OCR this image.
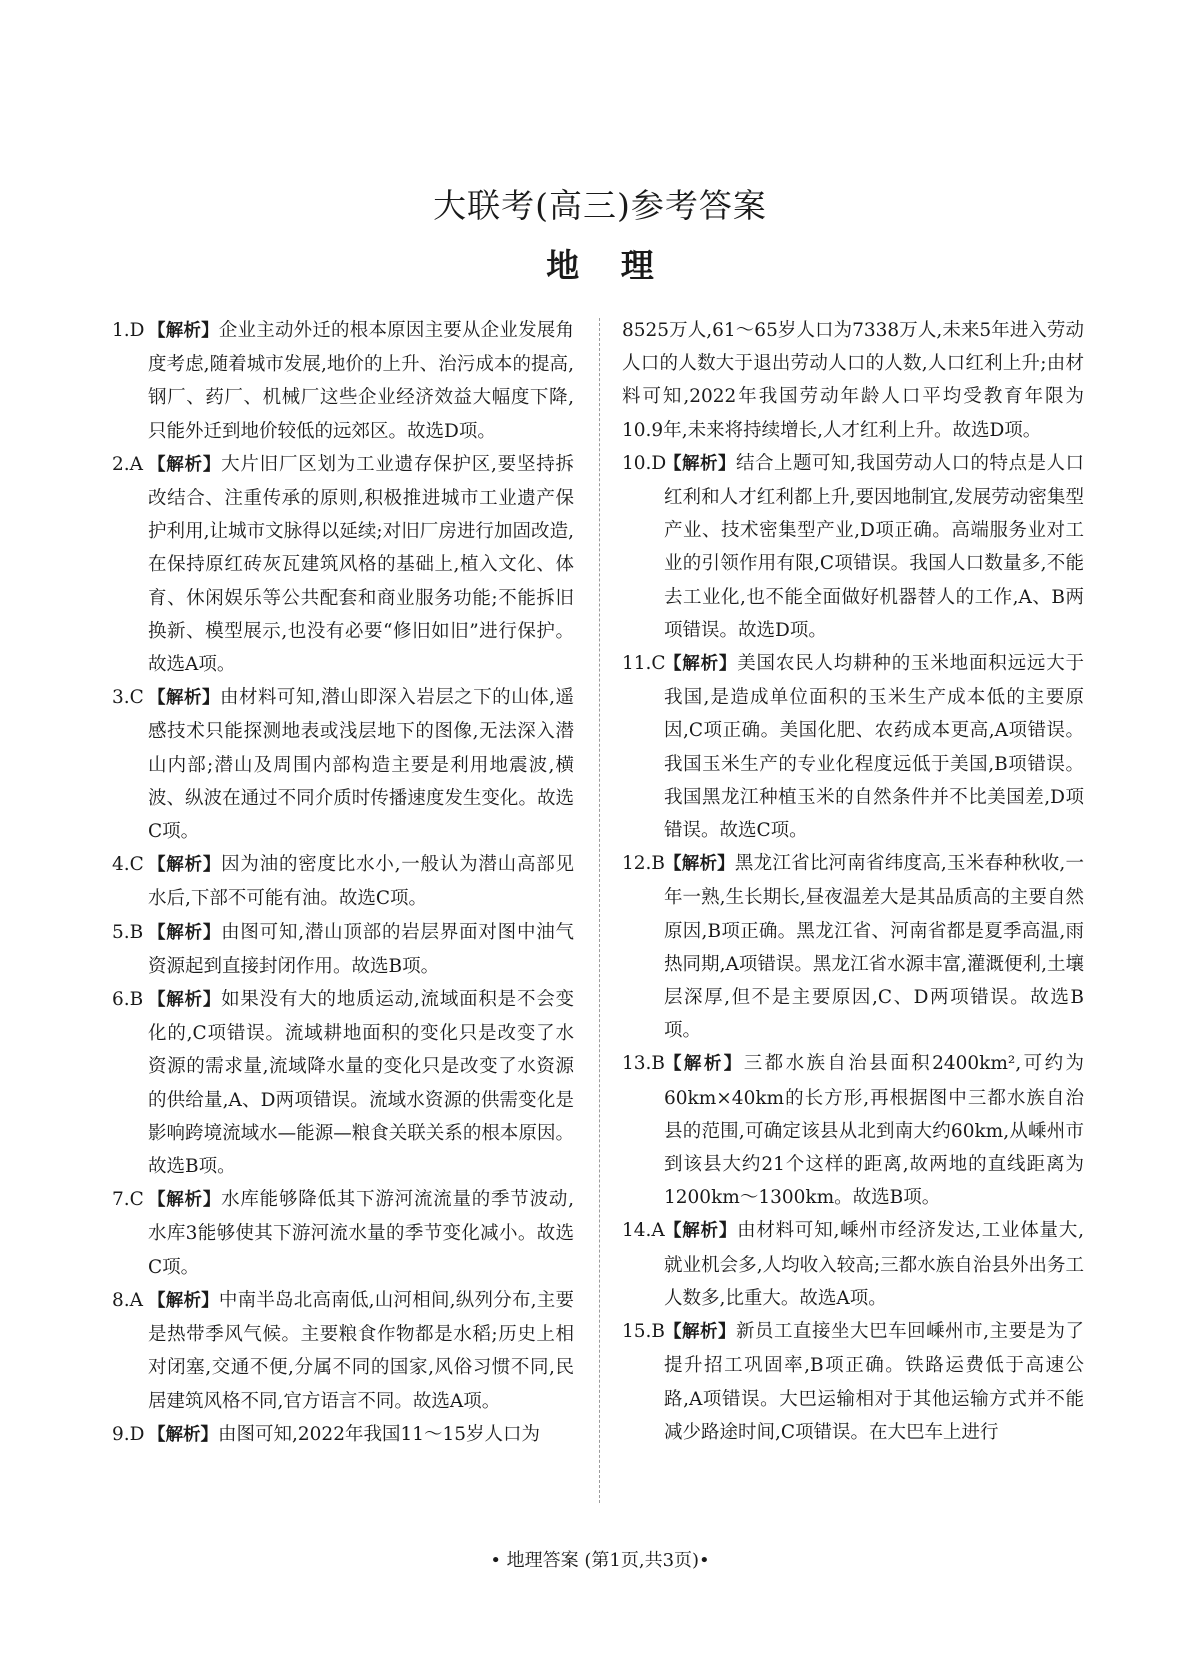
大联考(高三)参考答案
地 理

1.D 【解析】企业主动外迁的根本原因主要从企业发展角度考虑,随着城市发展,地价的上升、治污成本的提高,钢厂、药厂、机械厂这些企业经济效益大幅度下降,只能外迁到地价较低的远郊区。故选D项。

2.A 【解析】大片旧厂区划为工业遗存保护区,要坚持拆改结合、注重传承的原则,积极推进城市工业遗产保护利用,让城市文脉得以延续;对旧厂房进行加固改造,在保持原红砖灰瓦建筑风格的基础上,植入文化、体育、休闲娱乐等公共配套和商业服务功能;不能拆旧换新、模型展示,也没有必要“修旧如旧”进行保护。故选A项。

3.C 【解析】由材料可知,潜山即深入岩层之下的山体,遥感技术只能探测地表或浅层地下的图像,无法深入潜山内部;潜山及周围内部构造主要是利用地震波,横波、纵波在通过不同介质时传播速度发生变化。故选C项。

4.C 【解析】因为油的密度比水小,一般认为潜山高部见水后,下部不可能有油。故选C项。

5.B 【解析】由图可知,潜山顶部的岩层界面对图中油气资源起到直接封闭作用。故选B项。

6.B 【解析】如果没有大的地质运动,流域面积是不会变化的,C项错误。流域耕地面积的变化只是改变了水资源的需求量,流域降水量的变化只是改变了水资源的供给量,A、D两项错误。流域水资源的供需变化是影响跨境流域水—能源—粮食关联关系的根本原因。故选B项。

7.C 【解析】水库能够降低其下游河流流量的季节波动,水库3能够使其下游河流水量的季节变化减小。故选C项。

8.A 【解析】中南半岛北高南低,山河相间,纵列分布,主要是热带季风气候。主要粮食作物都是水稻;历史上相对闭塞,交通不便,分属不同的国家,风俗习惯不同,民居建筑风格不同,官方语言不同。故选A项。

9.D 【解析】由图可知,2022年我国11～15岁人口为

8525万人,61～65岁人口为7338万人,未来5年进入劳动人口的人数大于退出劳动人口的人数,人口红利上升;由材料可知,2022年我国劳动年龄人口平均受教育年限为10.9年,未来将持续增长,人才红利上升。故选D项。

10.D
【解析】结合上题可知,我国劳动人口的特点是人口红利和人才红利都上升,要因地制宜,发展劳动密集型产业、技术密集型产业,D项正确。高端服务业对工业的引领作用有限,C项错误。我国人口数量多,不能去工业化,也不能全面做好机器替人的工作,A、B两项错误。故选D项。

11.C
【解析】美国农民人均耕种的玉米地面积远远大于我国,是造成单位面积的玉米生产成本低的主要原因,C项正确。美国化肥、农药成本更高,A项错误。我国玉米生产的专业化程度远低于美国,B项错误。我国黑龙江种植玉米的自然条件并不比美国差,D项错误。故选C项。

12.B
【解析】黑龙江省比河南省纬度高,玉米春种秋收,一年一熟,生长期长,昼夜温差大是其品质高的主要自然原因,B项正确。黑龙江省、河南省都是夏季高温,雨热同期,A项错误。黑龙江省水源丰富,灌溉便利,土壤层深厚,但不是主要原因,C、D两项错误。故选B项。

13.B
【解析】三都水族自治县面积2400km²,可约为60km×40km的长方形,再根据图中三都水族自治县的范围,可确定该县从北到南大约60km,从嵊州市到该县大约21个这样的距离,故两地的直线距离为1200km～1300km。故选B项。

14.A 【解析】由材料可知,嵊州市经济发达,工业体量大,就业机会多,人均收入较高;三都水族自治县外出务工人数多,比重大。故选A项。

15.B
【解析】新员工直接坐大巴车回嵊州市,主要是为了提升招工巩固率,B项正确。铁路运费低于高速公路,A项错误。大巴运输相对于其他运输方式并不能减少路途时间,C项错误。在大巴车上进行

• 地理答案 (第1页,共3页)•
